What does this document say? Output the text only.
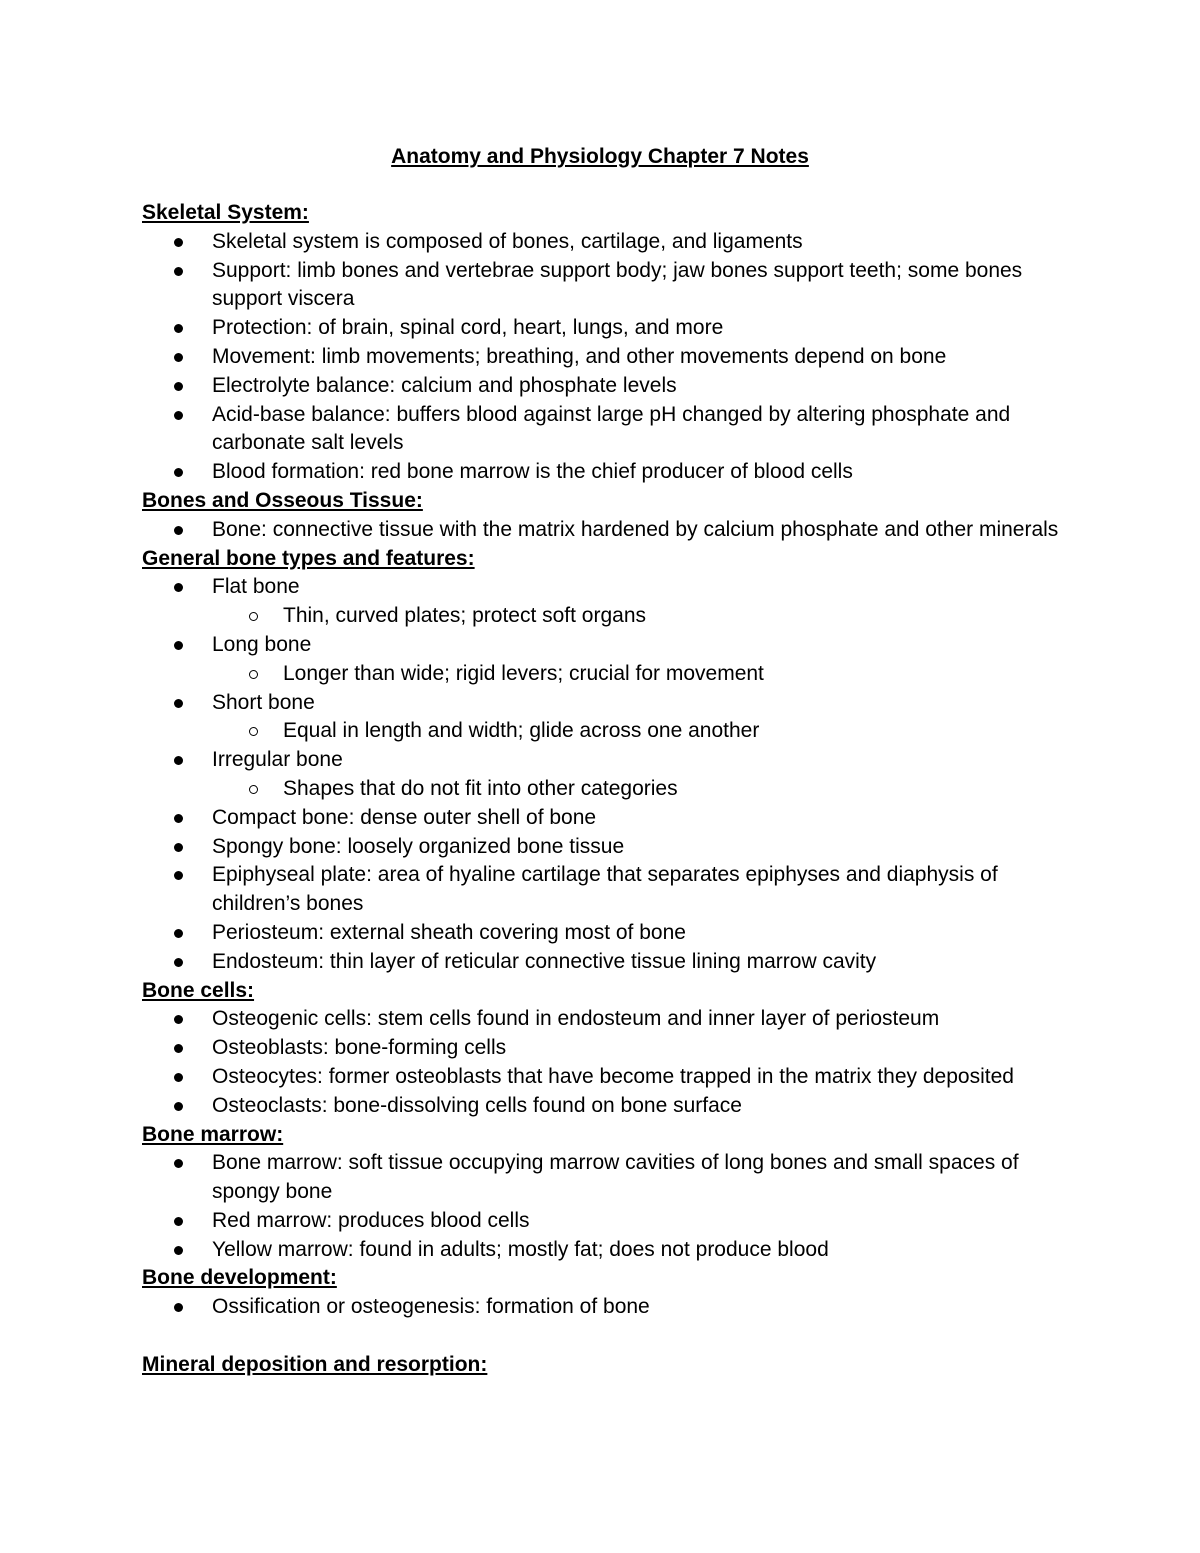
Anatomy and Physiology Chapter 7 Notes
Skeletal System:
Skeletal system is composed of bones, cartilage, and ligaments
Support: limb bones and vertebrae support body; jaw bones support teeth; some bones support viscera
Protection: of brain, spinal cord, heart, lungs, and more
Movement: limb movements; breathing, and other movements depend on bone
Electrolyte balance: calcium and phosphate levels
Acid-base balance: buffers blood against large pH changed by altering phosphate and carbonate salt levels
Blood formation: red bone marrow is the chief producer of blood cells
Bones and Osseous Tissue:
Bone: connective tissue with the matrix hardened by calcium phosphate and other minerals
General bone types and features:
Flat bone
Thin, curved plates; protect soft organs
Long bone
Longer than wide; rigid levers; crucial for movement
Short bone
Equal in length and width; glide across one another
Irregular bone
Shapes that do not fit into other categories
Compact bone: dense outer shell of bone
Spongy bone: loosely organized bone tissue
Epiphyseal plate: area of hyaline cartilage that separates epiphyses and diaphysis of children’s bones
Periosteum: external sheath covering most of bone
Endosteum: thin layer of reticular connective tissue lining marrow cavity
Bone cells:
Osteogenic cells: stem cells found in endosteum and inner layer of periosteum
Osteoblasts: bone-forming cells
Osteocytes: former osteoblasts that have become trapped in the matrix they deposited
Osteoclasts: bone-dissolving cells found on bone surface
Bone marrow:
Bone marrow: soft tissue occupying marrow cavities of long bones and small spaces of spongy bone
Red marrow: produces blood cells
Yellow marrow: found in adults; mostly fat; does not produce blood
Bone development:
Ossification or osteogenesis: formation of bone
Mineral deposition and resorption:
